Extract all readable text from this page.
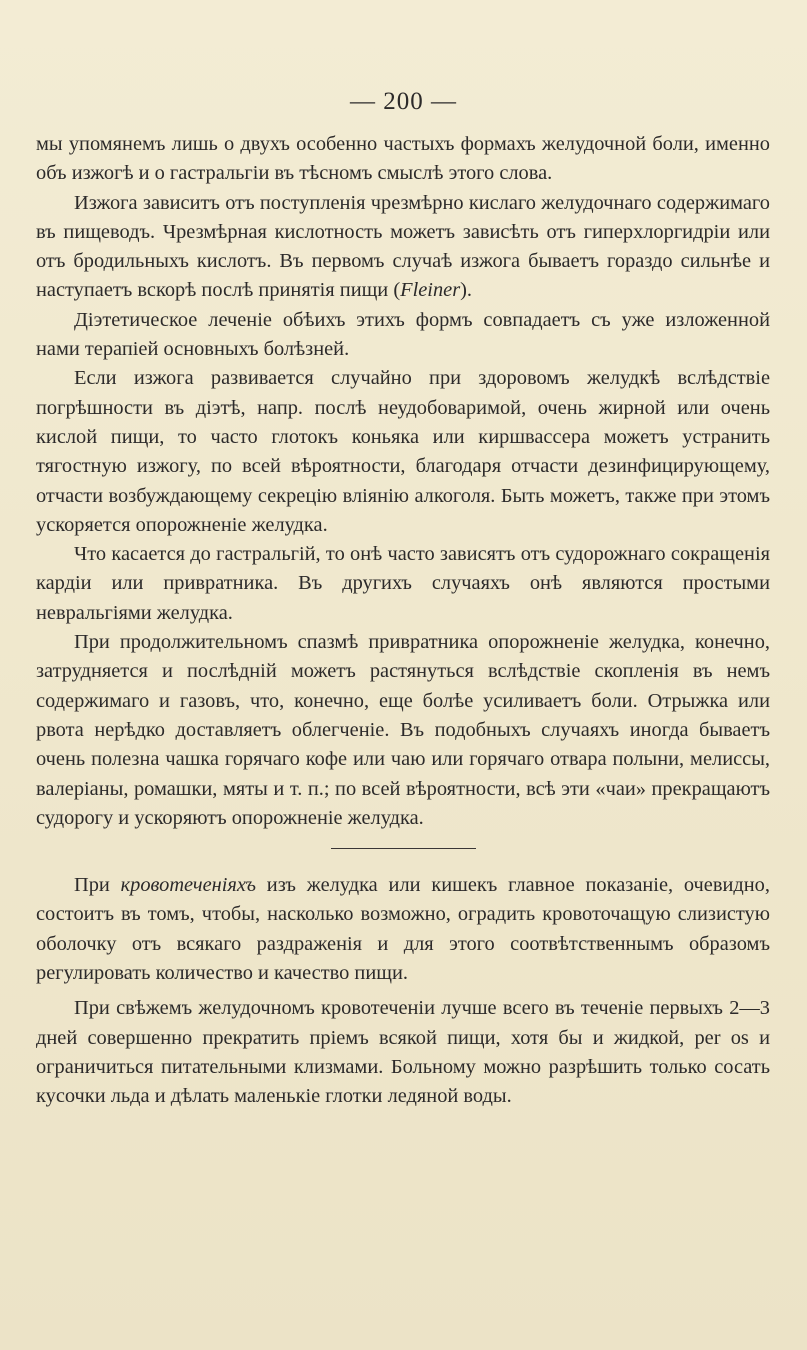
— 200 —

мы упомянемъ лишь о двухъ особенно частыхъ формахъ желудочной боли, именно объ изжогѣ и о гастральгiи въ тѣсномъ смыслѣ этого слова.

Изжога зависитъ отъ поступленiя чрезмѣрно кислаго желудочнаго содержимаго въ пищеводъ. Чрезмѣрная кислотность можетъ зависѣть отъ гиперхлоргидрiи или отъ бродильныхъ кислотъ. Въ первомъ случаѣ изжога бываетъ гораздо сильнѣе и наступаетъ вскорѣ послѣ принятiя пищи (Fleiner).

Дiэтетическое леченiе обѣихъ этихъ формъ совпадаетъ съ уже изложенной нами терапiей основныхъ болѣзней.

Если изжога развивается случайно при здоровомъ желудкѣ вслѣдствiе погрѣшности въ дiэтѣ, напр. послѣ неудобоваримой, очень жирной или очень кислой пищи, то часто глотокъ коньяка или киршвассера можетъ устранить тягостную изжогу, по всей вѣроятности, благодаря отчасти дезинфицирующему, отчасти возбуждающему секрецiю влiянiю алкоголя. Быть можетъ, также при этомъ ускоряется опорожненiе желудка.

Что касается до гастральгiй, то онѣ часто зависятъ отъ судорожнаго сокращенiя кардiи или привратника. Въ другихъ случаяхъ онѣ являются простыми невральгiями желудка.

При продолжительномъ спазмѣ привратника опорожненiе желудка, конечно, затрудняется и послѣднiй можетъ растянуться вслѣдствiе скопленiя въ немъ содержимаго и газовъ, что, конечно, еще болѣе усиливаетъ боли. Отрыжка или рвота нерѣдко доставляетъ облегченiе. Въ подобныхъ случаяхъ иногда бываетъ очень полезна чашка горячаго кофе или чаю или горячаго отвара полыни, мелиссы, валерiаны, ромашки, мяты и т. п.; по всей вѣроятности, всѣ эти «чаи» прекращаютъ судорогу и ускоряютъ опорожненiе желудка.

При кровотеченiяхъ изъ желудка или кишекъ главное показанiе, очевидно, состоитъ въ томъ, чтобы, насколько возможно, оградить кровоточащую слизистую оболочку отъ всякаго раздраженiя и для этого соотвѣтственнымъ образомъ регулировать количество и качество пищи.

При свѣжемъ желудочномъ кровотеченiи лучше всего въ теченiе первыхъ 2—3 дней совершенно прекратить прiемъ всякой пищи, хотя бы и жидкой, per os и ограничиться питательными клизмами. Больному можно разрѣшить только сосать кусочки льда и дѣлать маленькiе глотки ледяной воды.
